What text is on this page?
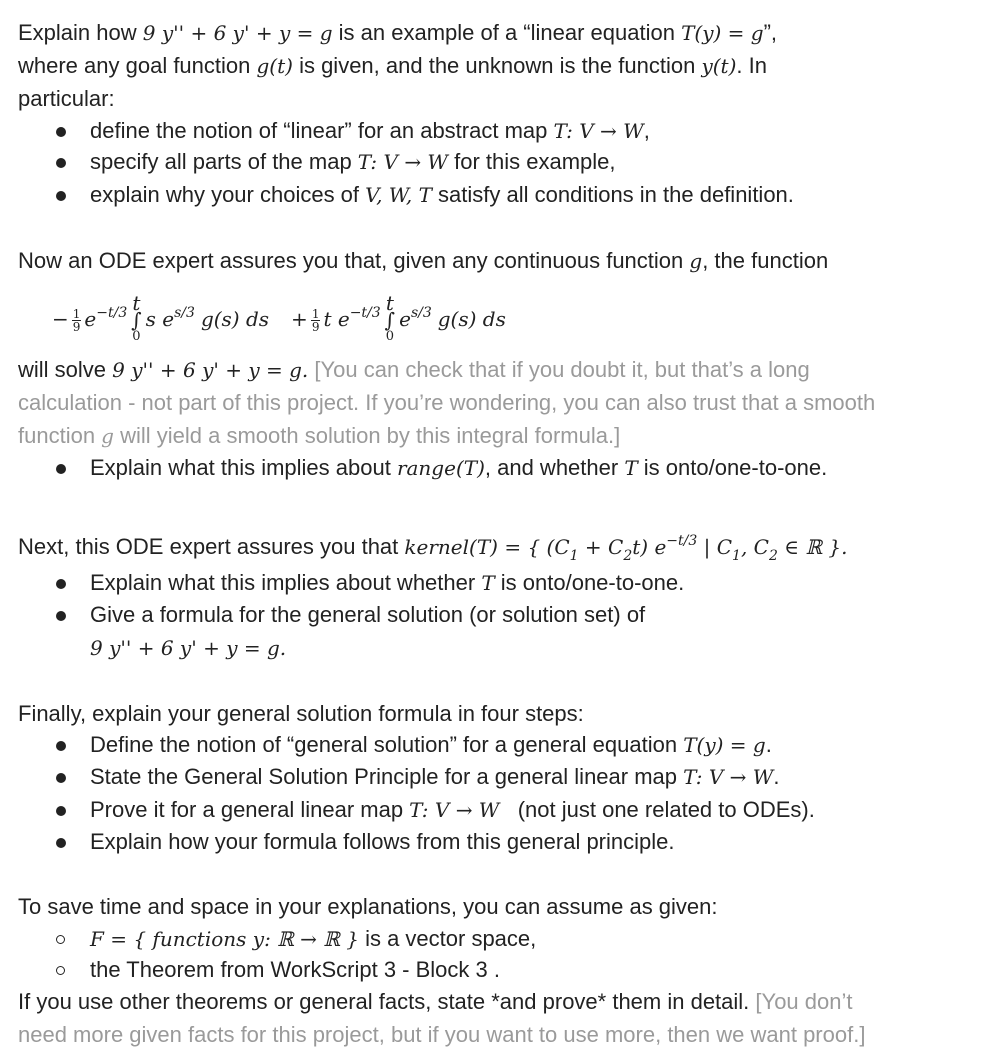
Explain how 9 y'' + 6 y' + y = g is an example of a “linear equation T(y) = g”,
where any goal function g(t) is given, and the unknown is the function y(t). In
particular:
define the notion of “linear” for an abstract map T: V → W,
specify all parts of the map T: V → W for this example,
explain why your choices of V, W, T satisfy all conditions in the definition.
Now an ODE expert assures you that, given any continuous function g, the function
− $\frac{1}{9} e^{-t/3}$ t
∫
0
s $e^{s/3}$ g(s) ds + $\frac{1}{9}$ t $e^{-t/3}$ t
∫
0
$e^{s/3}$ g(s) ds
will solve 9 y'' + 6 y' + y = g. [You can check that if you doubt it, but that’s a long
calculation - not part of this project. If you’re wondering, you can also trust that a smooth
function g will yield a smooth solution by this integral formula.]
Explain what this implies about range(T), and whether T is onto/one-to-one.
Next, this ODE expert assures you that kernel(T) = { $(C_1 + C_2t)$ $e^{-t/3}$ | $C_1$, $C_2$ ∈ ℝ }.
Explain what this implies about whether T is onto/one-to-one.
Give a formula for the general solution (or solution set) of
9 y'' + 6 y' + y = g.
Finally, explain your general solution formula in four steps:
Define the notion of “general solution” for a general equation T(y) = g.
State the General Solution Principle for a general linear map T: V → W.
Prove it for a general linear map T: V → W   (not just one related to ODEs).
Explain how your formula follows from this general principle.
To save time and space in your explanations, you can assume as given:
F = { functions y: ℝ → ℝ } is a vector space,
the Theorem from WorkScript 3 - Block 3 .
If you use other theorems or general facts, state *and prove* them in detail. [You don’t
need more given facts for this project, but if you want to use more, then we want proof.]
